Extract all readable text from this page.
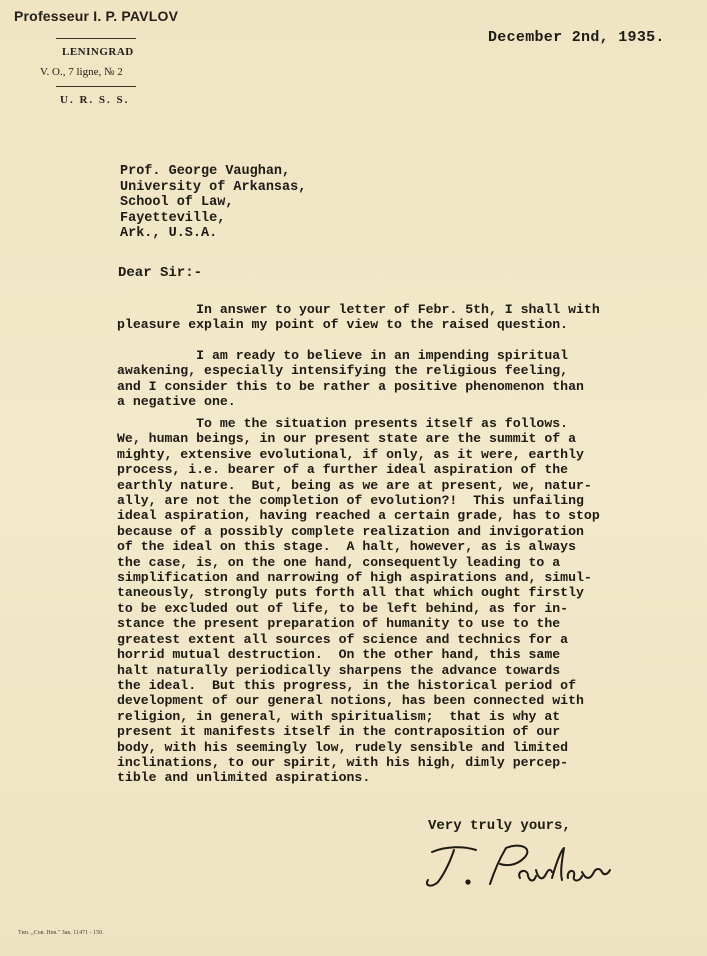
Professeur I. P. PAVLOV
LENINGRAD
V. O., 7 ligne, № 2
U. R. S. S.
December 2nd, 1935.
Prof. George Vaughan,
University of Arkansas,
School of Law,
Fayetteville,
Ark., U.S.A.
Dear Sir:-
In answer to your letter of Febr. 5th, I shall with
pleasure explain my point of view to the raised question.
I am ready to believe in an impending spiritual
awakening, especially intensifying the religious feeling,
and I consider this to be rather a positive phenomenon than
a negative one.
To me the situation presents itself as follows.
We, human beings, in our present state are the summit of a
mighty, extensive evolutional, if only, as it were, earthly
process, i.e. bearer of a further ideal aspiration of the
earthly nature.  But, being as we are at present, we, natur-
ally, are not the completion of evolution?!  This unfailing
ideal aspiration, having reached a certain grade, has to stop
because of a possibly complete realization and invigoration
of the ideal on this stage.  A halt, however, as is always
the case, is, on the one hand, consequently leading to a
simplification and narrowing of high aspirations and, simul-
taneously, strongly puts forth all that which ought firstly
to be excluded out of life, to be left behind, as for in-
stance the present preparation of humanity to use to the
greatest extent all sources of science and technics for a
horrid mutual destruction.  On the other hand, this same
halt naturally periodically sharpens the advance towards
the ideal.  But this progress, in the historical period of
development of our general notions, has been connected with
religion, in general, with spiritualism;  that is why at
present it manifests itself in the contraposition of our
body, with his seemingly low, rudely sensible and limited
inclinations, to our spirit, with his high, dimly percep-
tible and unlimited aspirations.
Very truly yours,
Тип. „Сов. Нев." Зак. 11471 - 150.
